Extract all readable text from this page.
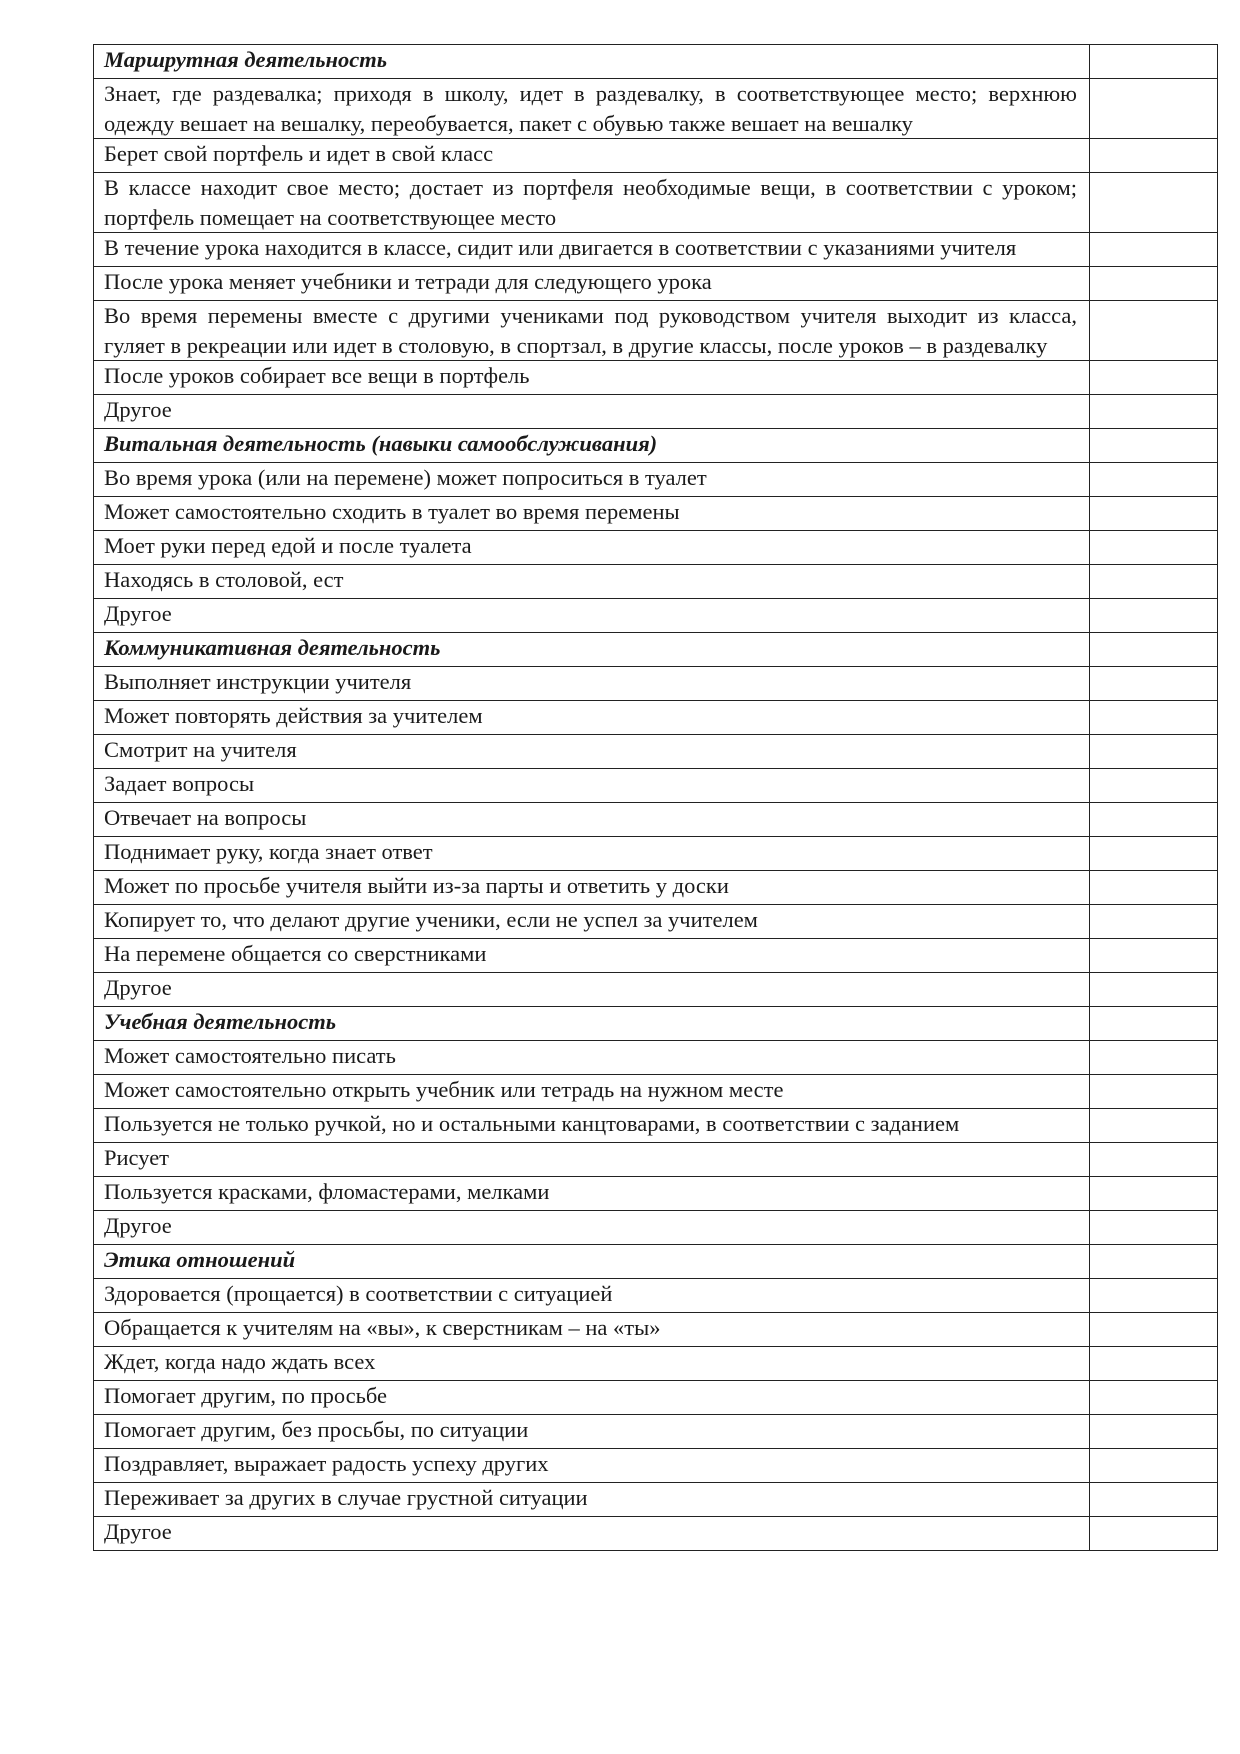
Маршрутная деятельность	
Знает, где раздевалка; приходя в школу, идет в раздевалку, в соответствующее место; верхнюю одежду вешает на вешалку, переобувается, пакет с обувью также вешает на вешалку	
Берет свой портфель и идет в свой класс	
В классе находит свое место; достает из портфеля необходимые вещи, в соответствии с уроком; портфель помещает на соответствующее место	
В течение урока находится в классе, сидит или двигается в соответствии с указаниями учителя	
После урока меняет учебники и тетради для следующего урока	
Во время перемены вместе с другими учениками под руководством учителя выходит из класса, гуляет в рекреации или идет в столовую, в спортзал, в другие классы, после уроков – в раздевалку	
После уроков собирает все вещи в портфель	
Другое	
Витальная деятельность (навыки самообслуживания)	
Во время урока (или на перемене) может попроситься в туалет	
Может самостоятельно сходить в туалет во время перемены	
Моет руки перед едой и после туалета	
Находясь в столовой, ест	
Другое	
Коммуникативная деятельность	
Выполняет инструкции учителя	
Может повторять действия за учителем	
Смотрит на учителя	
Задает вопросы	
Отвечает на вопросы	
Поднимает руку, когда знает ответ	
Может по просьбе учителя выйти из-за парты и ответить у доски	
Копирует то, что делают другие ученики, если не успел за учителем	
На перемене общается со сверстниками	
Другое	
Учебная деятельность	
Может самостоятельно писать	
Может самостоятельно открыть учебник или тетрадь на нужном месте	
Пользуется не только ручкой, но и остальными канцтоварами, в соответствии с заданием	
Рисует	
Пользуется красками, фломастерами, мелками	
Другое	
Этика отношений	
Здоровается (прощается) в соответствии с ситуацией	
Обращается к учителям на «вы», к сверстникам – на «ты»	
Ждет, когда надо ждать всех	
Помогает другим, по просьбе	
Помогает другим, без просьбы, по ситуации	
Поздравляет, выражает радость успеху других	
Переживает за других в случае грустной ситуации	
Другое	
